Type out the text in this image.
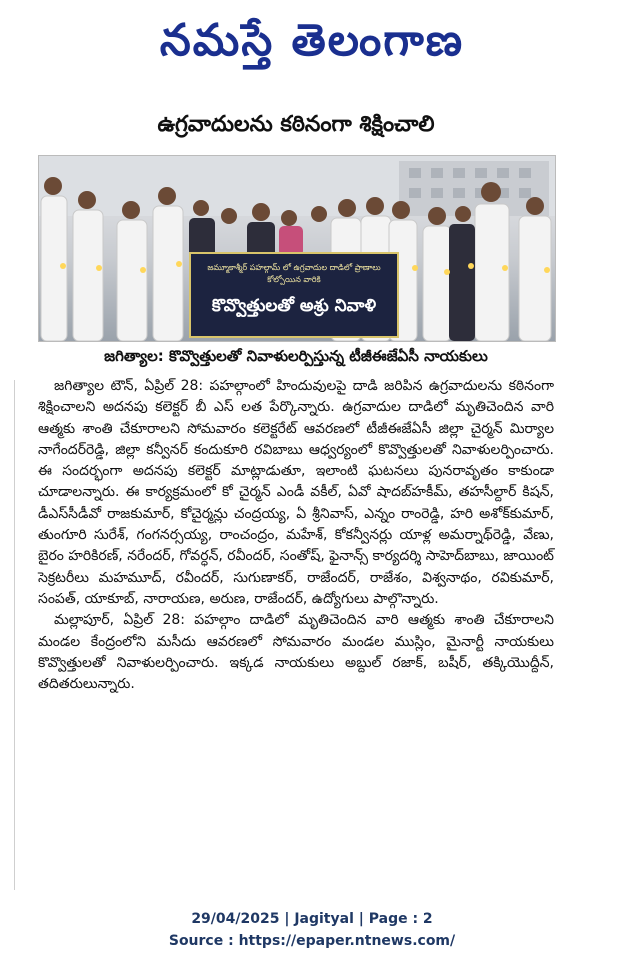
నమస్తే తెలంగాణ
ఉగ్రవాదులను కఠినంగా శిక్షించాలి
జమ్మూకాశ్మీర్ పహల్గామ్ లో ఉగ్రవాదుల దాడిలో ప్రాణాలు కోల్పోయిన వారికి
కొవ్వొత్తులతో అశ్రు నివాళి
జగిత్యాల: కొవ్వొత్తులతో నివాళులర్పిస్తున్న టీజీఈజేఏసీ నాయకులు

జగిత్యాల టౌన్, ఏప్రిల్ 28: పహల్గాంలో హిందువులపై దాడి జరిపిన ఉగ్రవాదులను కఠినంగా శిక్షించాలని అదనపు కలెక్టర్ బీ ఎస్ లత పేర్కొన్నారు. ఉగ్రవాదుల దాడిలో మృతిచెందిన వారి ఆత్మకు శాంతి చేకూరాలని సోమవారం కలెక్టరేట్ ఆవరణలో టీజీఈజేఏసీ జిల్లా చైర్మన్ మిర్యాల నాగేందర్‌రెడ్డి, జిల్లా కన్వీనర్ కందుకూరి రవిబాబు ఆధ్వర్యంలో కొవ్వొత్తులతో నివాళులర్పించారు. ఈ సందర్భంగా అదనపు కలెక్టర్ మాట్లాడుతూ, ఇలాంటి ఘటనలు పునరావృతం కాకుండా చూడాలన్నారు. ఈ కార్యక్రమంలో కో చైర్మన్ ఎండీ వకీల్, ఏవో షాదబ్‌హకీమ్, తహసీల్దార్ కిషన్, డీఎస్‌సీడీవో రాజకుమార్, కోచైర్మన్లు చంద్రయ్య, ఏ శ్రీనివాస్, ఎన్నం రాంరెడ్డి, హరి అశోక్‌కుమార్, తుంగూరి సురేశ్, గంగనర్సయ్య, రాంచంద్రం, మహేశ్, కోకన్వీనర్లు యాళ్ల అమర్నాథ్‌రెడ్డి, వేణు, బైరం హరికిరణ్, నరేందర్, గోవర్ధన్, రవీందర్, సంతోష్, ఫైనాన్స్ కార్యదర్శి సాహెద్‌బాబు, జాయింట్ సెక్రటరీలు మహమూద్, రవీందర్, సుగుణాకర్, రాజేందర్, రాజేశం, విశ్వనాథం, రవికుమార్, సంపత్, యాకూబ్, నారాయణ, అరుణ, రాజేందర్, ఉద్యోగులు పాల్గొన్నారు.

మల్లాపూర్, ఏప్రిల్ 28: పహల్గాం దాడిలో మృతిచెందిన వారి ఆత్మకు శాంతి చేకూరాలని మండల కేంద్రంలోని మసీదు ఆవరణలో సోమవారం మండల ముస్లిం, మైనార్టీ నాయకులు కొవ్వొత్తులతో నివాళులర్పించారు. ఇక్కడ నాయకులు అబ్దుల్ రజాక్, బషీర్, తక్కియొద్దీన్, తదితరులున్నారు.

29/04/2025 | Jagityal | Page : 2
Source : https://epaper.ntnews.com/
